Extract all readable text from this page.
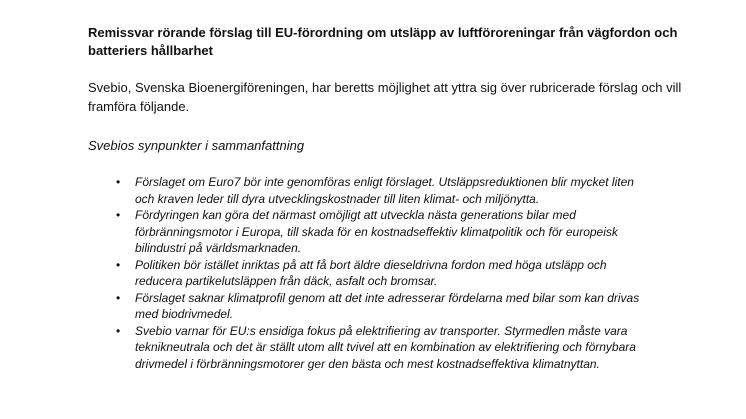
Remissvar rörande förslag till EU-förordning om utsläpp av luftföroreningar från vägfordon och batteriers hållbarhet

Svebio, Svenska Bioenergiföreningen, har beretts möjlighet att yttra sig över rubricerade förslag och vill framföra följande.

Svebios synpunkter i sammanfattning

• Förslaget om Euro7 bör inte genomföras enligt förslaget. Utsläppsreduktionen blir mycket liten och kraven leder till dyra utvecklingskostnader till liten klimat- och miljönytta.
• Fördyringen kan göra det närmast omöjligt att utveckla nästa generations bilar med förbränningsmotor i Europa, till skada för en kostnadseffektiv klimatpolitik och för europeisk bilindustri på världsmarknaden.
• Politiken bör istället inriktas på att få bort äldre dieseldrivna fordon med höga utsläpp och reducera partikelutsläppen från däck, asfalt och bromsar.
• Förslaget saknar klimatprofil genom att det inte adresserar fördelarna med bilar som kan drivas med biodrivmedel.
• Svebio varnar för EU:s ensidiga fokus på elektrifiering av transporter. Styrmedlen måste vara teknikneutrala och det är ställt utom allt tvivel att en kombination av elektrifiering och förnybara drivmedel i förbränningsmotorer ger den bästa och mest kostnadseffektiva klimatnyttan.
